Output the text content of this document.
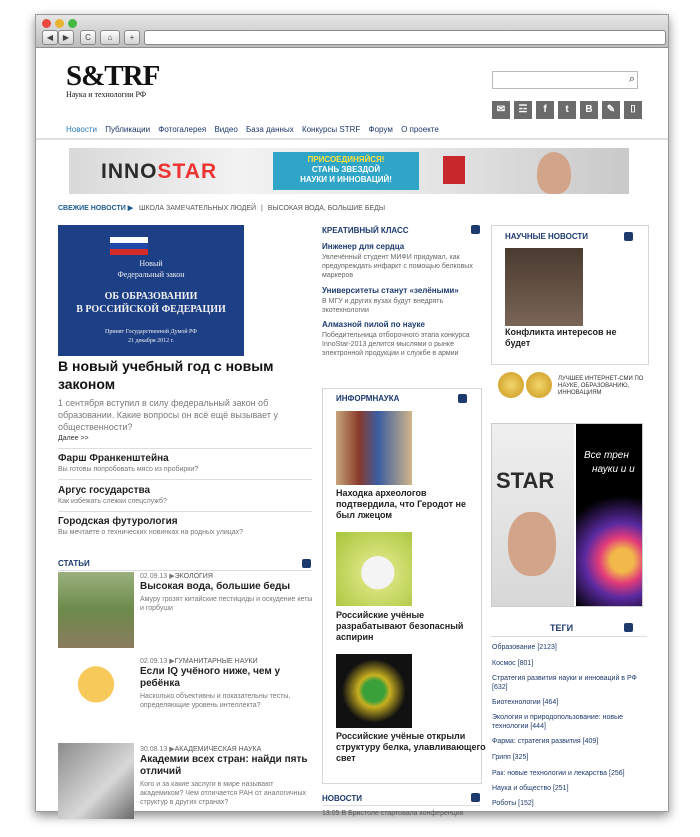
◀	▶	C	⌂	+
S&TRF
Наука и технологии РФ
⌕
✉	☲	f	t	B	✎	⌷
Новости Публикации Фотогалерея Видео База данных Конкурсы STRF Форум О проекте
INNOSTAR
ПРИСОЕДИНЯЙСЯ!
СТАНЬ ЗВЕЗДОЙ
НАУКИ И ИННОВАЦИЙ!
СВЕЖИЕ НОВОСТИ ▶ ШКОЛА ЗАМЕЧАТЕЛЬНЫХ ЛЮДЕЙ | ВЫСОКАЯ ВОДА, БОЛЬШИЕ БЕДЫ
Новый
Федеральный закон
ОБ ОБРАЗОВАНИИ
В РОССИЙСКОЙ ФЕДЕРАЦИИ
Принят Государственной Думой РФ
21 декабря 2012 г.
В новый учебный год с новым законом
1 сентября вступил в силу федеральный закон об образовании. Какие вопросы он всё ещё вызывает у общественности?
Далее >>
Фарш Франкенштейна
Вы готовы попробовать мясо из пробирки?
Аргус государства
Как избежать слежки спецслужб?
Городская футурология
Вы мечтаете о технических новинках на родных улицах?
СТАТЬИ
02.09.13 ▶ЭКОЛОГИЯ
Высокая вода, большие беды
Амуру грозят китайские пестициды и оскудение кеты и горбуши
02.09.13 ▶ГУМАНИТАРНЫЕ НАУКИ
Если IQ учёного ниже, чем у ребёнка
Насколько объективны и показательны тесты, определяющие уровень интеллекта?
30.08.13 ▶АКАДЕМИЧЕСКАЯ НАУКА
Академии всех стран: найди пять отличий
Кого и за какие заслуги в мире называют академиком? Чем отличается РАН от аналогичных структур в других странах?
КРЕАТИВНЫЙ КЛАСС
Инженер для сердца
Увлечённый студент МИФИ придумал, как предупреждать инфаркт с помощью белковых маркеров
Университеты станут «зелёными»
В МГУ и других вузах будут внедрять экотехнологии
Алмазной пилой по науке
Победительница отборочного этапа конкурса InnoStar-2013 делится мыслями о рынке электронной продукции и службе в армии
ИНФОРМНАУКА
Находка археологов подтвердила, что Геродот не был лжецом
Российские учёные разрабатывают безопасный аспирин
Российские учёные открыли структуру белка, улавливающего свет
НОВОСТИ
13:05 В Бристоле стартовала конференция
НАУЧНЫЕ НОВОСТИ
Конфликта интересов не будет
ЛУЧШЕЕ ИНТЕРНЕТ-СМИ ПО НАУКЕ, ОБРАЗОВАНИЮ, ИННОВАЦИЯМ
STAR
Все трен
науки и и
ТЕГИ
Образование [2123]
Космос [801]
Стратегия развития науки и инноваций в РФ [632]
Биотехнологии [464]
Экология и природопользование: новые технологии [444]
Фарма: стратегия развития [409]
Грипп [325]
Рак: новые технологии и лекарства [256]
Наука и общество [251]
Роботы [152]
